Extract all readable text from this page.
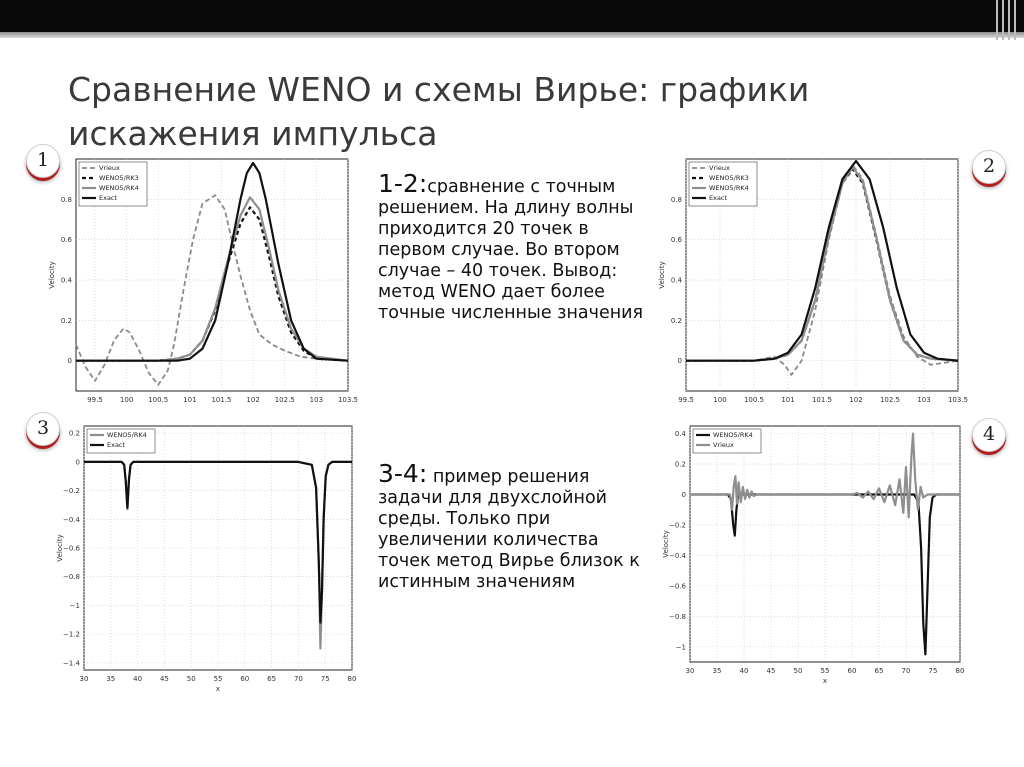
Сравнение WENO и схемы Вирье: графики искажения импульса
1	2
3	4
99.5 100 100.5 101 101.5 102 102.5 103 103.5
0
0.2
0.4
0.6
0.8
Velocity
Vrieux
WENO5/RK3
WENO5/RK4
Exact
99.5	100 100.5 101 101.5 102 102.5 103 103.5
0
0.2
0.4
0.6
0.8
Velocity
Vrieux
WENO5/RK3
WENO5/RK4
Exact
30	35	40	45	50	55	60	65	70	75	80
0.2
0
−0.2
−0.4
−0.6
−0.8
−1
−1.2
−1.4
Velocity
x
WENO5/RK4
Exact
30	35	40	45	50	55	60	65	70	75	80
0.4
0.2
0
−0.2
−0.4
−0.6
−0.8
−1
Velocity
x
WENO5/RK4
Vrieux
1-2:сравнение с точным решением. На длину волны приходится 20 точек в первом случае. Во втором случае – 40 точек. Вывод: метод WENO дает более точные численные значения
3-4: пример решения задачи для двухслойной среды. Только при увеличении количества точек метод Вирье близок к истинным значениям
